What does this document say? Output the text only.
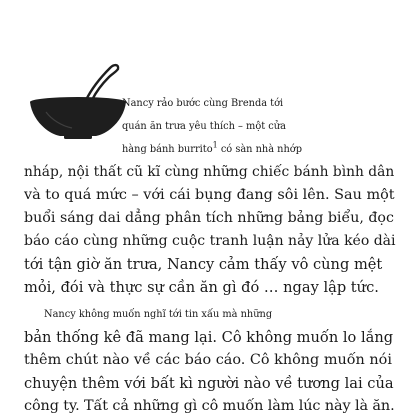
Nancy rảo bước cùng Brenda tới
quán ăn trưa yêu thích – một cửa
hàng bánh burrito$^1$ có sàn nhà nhớp
nháp, nội thất cũ kĩ cùng những chiếc bánh bình dân
và to quá mức – với cái bụng đang sôi lên. Sau một
buổi sáng dai dẳng phân tích những bảng biểu, đọc
báo cáo cùng những cuộc tranh luận nảy lửa kéo dài
tới tận giờ ăn trưa, Nancy cảm thấy vô cùng mệt
mỏi, đói và thực sự cần ăn gì đó … ngay lập tức.
Nancy không muốn nghĩ tới tin xấu mà những
bản thống kê đã mang lại. Cô không muốn lo lắng
thêm chút nào về các báo cáo. Cô không muốn nói
chuyện thêm với bất kì người nào về tương lai của
công ty. Tất cả những gì cô muốn làm lúc này là ăn.
